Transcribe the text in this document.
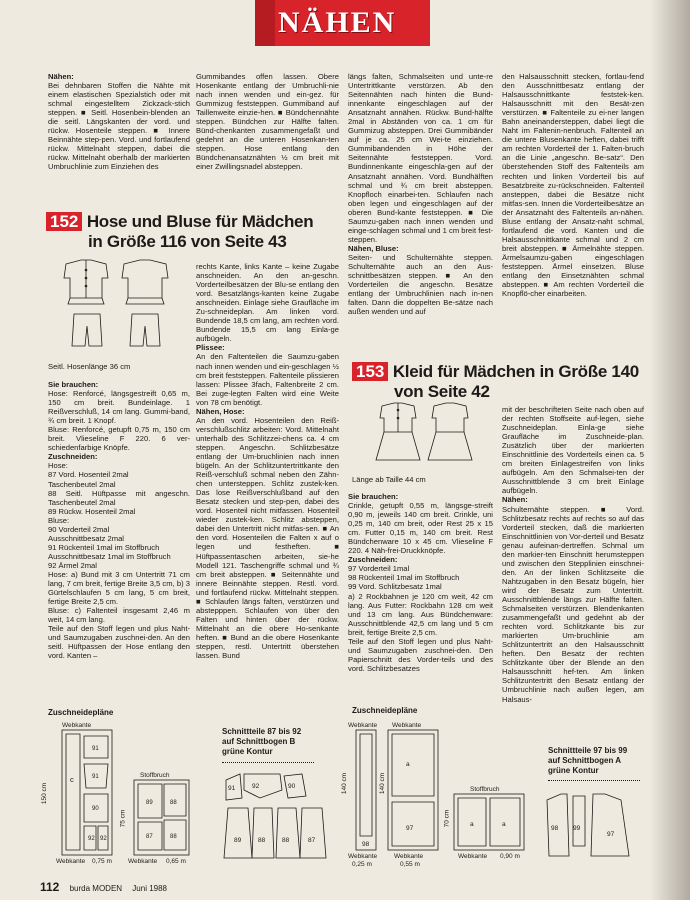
NÄHEN

Nähen:

Bei dehnbaren Stoffen die Nähte mit einem elastischen Spezialstich oder mit schmal eingestelltem Zickzack-stich steppen. ■ Seitl. Hosenbein-blenden an die seitl. Längskanten der vord. und rückw. Hosenteile steppen. ■ Innere Beinnähte step-pen. Vord. und fortlaufend rückw. Mittelnaht steppen, dabei die rückw. Mittelnaht oberhalb der markierten Umbruchlinie zum Einziehen des

Gummibandes offen lassen. Obere Hosenkante entlang der Umbruchli-nie nach innen wenden und ein-gez. für Gummizug feststeppen. Gummiband auf Taillenweite einzie-hen. ■ Bündchennähte steppen. Bündchen zur Hälfte falten. Bünd-chenkanten zusammengefaßt und gedehnt an die unteren Hosenkan-ten steppen. Hose entlang den Bündchenansatznähten ½ cm breit mit einer Zwillingsnadel absteppen.

längs falten, Schmalseiten und unte-re Untertrittkante verstürzen. Ab den Seitennähten nach hinten die Bund-innenkante eingeschlagen auf der Ansatznaht annähen. Rückw. Bund-hälfte 2mal in Abständen von ca. 1 cm für Gummizug absteppen. Drei Gummibänder auf je ca. 25 cm Wei-te einziehen. Gummibandenden in Höhe der Seitennähte feststeppen. Vord. Bundinnenkante eingeschla-gen auf der Ansatznaht annähen. Vord. Bundhälften schmal und ¾ cm breit absteppen. Knopfloch einarbei-ten. Schlaufen nach oben legen und eingeschlagen auf der oberen Bund-kante feststeppen. ■ Die Saumzu-gaben nach innen wenden und einge-schlagen schmal und 1 cm breit fest-steppen.

Nähen, Bluse:

Seiten- und Schulternähte steppen. Schulternähte auch an den Aus-schnittbesätzen steppen. ■ An den Vorderteilen die angeschn. Besätze entlang der Umbruchlinien nach in-nen falten. Dann die doppelten Be-sätze nach außen wenden und auf

den Halsausschnitt stecken, fortlau-fend den Ausschnittbesatz entlang der Halsausschnittkante feststek-ken. Halsausschnitt mit den Besät-zen verstürzen. ■ Faltenteile zu ei-ner langen Bahn aneinandersteppen, dabei liegt die Naht im Faltenin-nenbruch. Faltenteil an die untere Blusenkante heften, dabei trifft am rechten Vorderteil der 1. Falten-bruch an die Linie „angeschn. Be-satz“. Den überstehenden Stoff des Faltenteils am rechten und linken Vorderteil bis auf Besatzbreite zu-rückschneiden. Faltenteil ansteppen, dabei die Besätze nicht mitfas-sen. Innen die Vorderteilbesätze an der Ansatznaht des Faltenteils an-nähen. Bluse entlang der Ansatz-naht schmal, fortlaufend die vord. Kanten und die Halsausschnittkante schmal und 2 cm breit absteppen. ■ Ärmelnähte steppen. Ärmelsaumzu-gaben eingeschlagen feststeppen. Ärmel einsetzen. Bluse entlang den Einsetznähten schmal absteppen. ■ Am rechten Vorderteil die Knopflö-cher einarbeiten.

152 Hose und Bluse für Mädchen
in Größe 116 von Seite 43
Seitl. Hosenlänge 36 cm

Sie brauchen:

Hose: Renforcé, längsgestreift 0,65 m, 150 cm breit. Bundeinlage. 1 Reißverschluß, 14 cm lang. Gummi-band, ¾ cm breit. 1 Knopf.

Bluse: Renforcé, getupft 0,75 m, 150 cm breit. Vlieseline F 220. 6 ver-schiedenfarbige Knöpfe.

Zuschneiden:

Hose:

87 Vord. Hosenteil 2mal

Taschenbeutel 2mal

88 Seitl. Hüftpasse mit angeschn. Taschenbeutel 2mal

89 Rückw. Hosenteil 2mal

Bluse:

90 Vorderteil 2mal

Ausschnittbesatz 2mal

91 Rückenteil 1mal im Stoffbruch

Ausschnittbesatz 1mal im Stoffbruch

92 Ärmel 2mal

Hose: a) Bund mit 3 cm Untertritt 71 cm lang, 7 cm breit, fertige Breite 3,5 cm, b) 3 Gürtelschlaufen 5 cm lang, 5 cm breit, fertige Breite 2,5 cm.

Bluse: c) Faltenteil insgesamt 2,46 m weit, 14 cm lang.

Teile auf den Stoff legen und plus Naht- und Saumzugaben zuschnei-den. An den seitl. Hüftpassen der Hose entlang den vord. Kanten –

rechts Kante, links Kante – keine Zugabe anschneiden. An den an-geschn. Vorderteilbesätzen der Blu-se entlang den vord. Besatzlängs-kanten keine Zugabe anschneiden. Einlage siehe Graufläche im Zu-schneideplan. Am linken vord. Bundende 18,5 cm lang, am rechten vord. Bundende 15,5 cm lang Einla-ge aufbügeln.

Plissee:

An den Faltenteilen die Saumzu-gaben nach innen wenden und ein-geschlagen ½ cm breit feststeppen. Faltenteile plissieren lassen: Plissee 3fach, Faltenbreite 2 cm. Bei zuge-legten Falten wird eine Weite von 78 cm benötigt.

Nähen, Hose:

An den vord. Hosenteilen den Reiß-verschlußschlitz arbeiten: Vord. Mittelnaht unterhalb des Schlitzzei-chens ca. 4 cm steppen. Angeschn. Schlitzbesätze entlang der Um-bruchlinien nach innen bügeln. An der Schlitzuntertrittkante den Reiß-verschluß schmal neben den Zähn-chen untersteppen. Schlitz zustek-ken. Das lose Reißverschlußband auf den Besatz stecken und step-pen, dabei des vord. Hosenteil nicht mitfassen. Hosenteil wieder zustek-ken. Schlitz absteppen, dabei den Untertritt nicht mitfas-sen. ■ An den vord. Hosenteilen die Falten x auf o legen und festheften. ■ Hüftpassentaschen arbeiten, sie-he Modell 121. Taschengriffe schmal und ¾ cm breit absteppen. ■ Seitennähte und innere Beinnähte steppen. Restl. vord. und fortlaufend rückw. Mittelnaht steppen. ■ Schlaufen längs falten, verstürzen und abstepppen. Schlaufen von über den Falten und hinten über der rückw. Mittelnaht an die obere Ho-senkante heften. ■ Bund an die obere Hosenkante steppen, restl. Untertritt überstehen lassen. Bund

Sie brauchen:

Crinkle, getupft 0,55 m, längsge-streift 0,90 m, jeweils 140 cm breit. Crinkle, uni 0,25 m, 140 cm breit, oder Rest 25 x 15 cm. Futter 0,15 m, 140 cm breit. Rest Bündchenware 10 x 45 cm. Vlieseline F 220. 4 Näh-frei-Druckknöpfe.

Zuschneiden:

97 Vorderteil 1mal

98 Rückenteil 1mal im Stoffbruch

99 Vord. Schlitzbesatz 1mal

a) 2 Rockbahnen je 120 cm weit, 42 cm lang. Aus Futter: Rockbahn 128 cm weit und 13 cm lang. Aus Bündchenware: Ausschnittblende 42,5 cm lang und 5 cm breit, fertige Breite 2,5 cm.

Teile auf den Stoff legen und plus Naht- und Saumzugaben zuschnei-den. Den Papierschnitt des Vorder-teils und des vord. Schlitzbesatzes

mit der beschrifteten Seite nach oben auf der rechten Stoffseite auf-legen, siehe Zuschneideplan. Einla-ge siehe Graufläche im Zuschneide-plan. Zusätzlich über der markierten Einschnittlinie des Vorderteils einen ca. 5 cm breiten Einlagestreifen von links aufbügeln. Am den Schmalsei-ten der Ausschnittblende 3 cm breit Einlage aufbügeln.

Nähen:

Schulternähte steppen. ■ Vord. Schlitzbesatz rechts auf rechts so auf das Vorderteil stecken, daß die markierten Einschnittlinien von Vor-derteil und Besatz genau aufeinan-dertreffen. Schmal um den markier-ten Einschnitt herumsteppen und zwischen den Stepplinien einschnei-den. An der linken Schlitzseite die Nahtzugaben in den Besatz bügeln, hier wird der Besatz zum Untertritt. Ausschnittblende längs zur Hälfte falten. Schmalseiten verstürzen. Blendenkanten zusammengefaßt und gedehnt ab der rechten vord. Schlitzkante bis zur markierten Um-bruchlinie am Schlitzuntertritt an den Halsausschnitt heften. Den Besatz der rechten Schlitzkante über der Blende an den Halsausschnitt hef-ten. Am linken Schlitzuntertritt den Besatz entlang der Umbruchlinie nach außen legen, am Halsaus-

153 Kleid für Mädchen in Größe 140
von Seite 42
Länge ab Taille 44 cm
Zuschneidepläne
91
91
90
92 92
89	88
87	88
Webkante
Stoffbruch
c
150 cm
75 cm
Webkante 0,75 m Webkante 0,65 m
Schnittteile 87 bis 92
auf Schnittbogen B
grüne Kontur
91	92	90
89	88	88	87
Zuschneidepläne
98
a
97
a	a
Webkante Webkante
Stoffbruch
140 cm	140 cm
70 cm
Webkante
0,25 m
Webkante
0,55 m
Webkante 0,90 m
Schnittteile 97 bis 99
auf Schnittbogen A
grüne Kontur
98 99
97
112 burda MODEN Juni 1988
